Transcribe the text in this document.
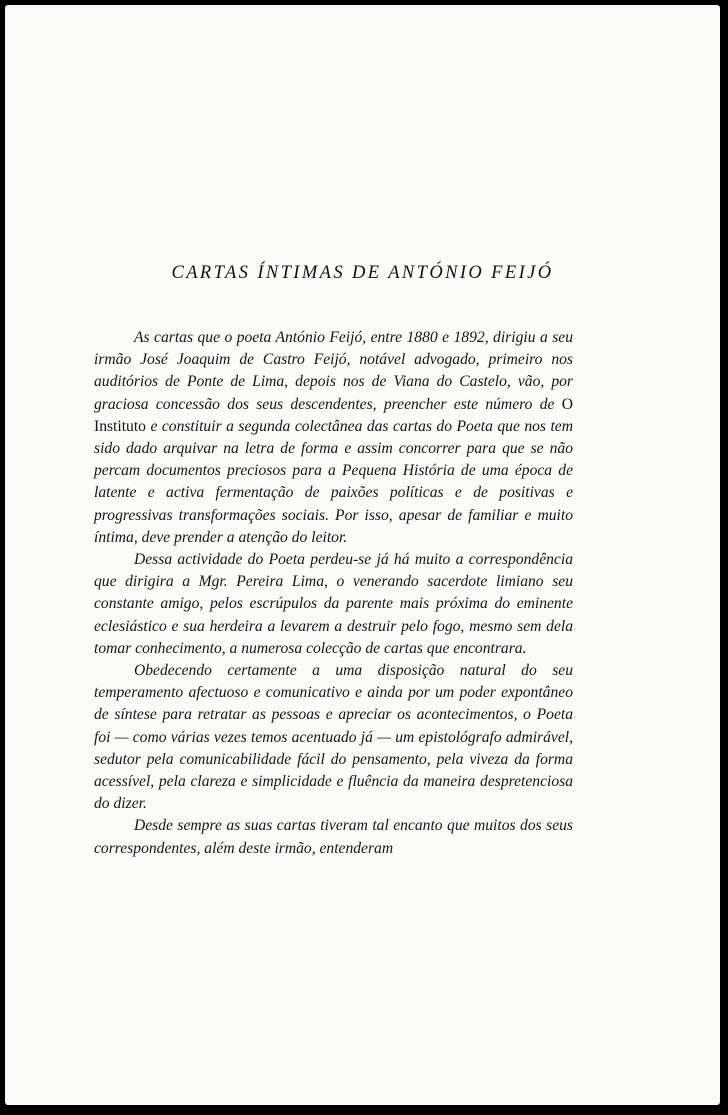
CARTAS ÍNTIMAS DE ANTÓNIO FEIJÓ

As cartas que o poeta António Feijó, entre 1880 e 1892, dirigiu a seu irmão José Joaquim de Castro Feijó, notável advogado, primeiro nos auditórios de Ponte de Lima, depois nos de Viana do Castelo, vão, por graciosa concessão dos seus descendentes, preencher este número de O Instituto e constituir a segunda colectânea das cartas do Poeta que nos tem sido dado arquivar na letra de forma e assim concorrer para que se não percam documentos preciosos para a Pequena História de uma época de latente e activa fermentação de paixões políticas e de positivas e progressivas transformações sociais. Por isso, apesar de familiar e muito íntima, deve prender a atenção do leitor.

Dessa actividade do Poeta perdeu-se já há muito a correspondência que dirigira a Mgr. Pereira Lima, o venerando sacerdote limiano seu constante amigo, pelos escrúpulos da parente mais próxima do eminente eclesiástico e sua herdeira a levarem a destruir pelo fogo, mesmo sem dela tomar conhecimento, a numerosa colecção de cartas que encontrara.

Obedecendo certamente a uma disposição natural do seu temperamento afectuoso e comunicativo e ainda por um poder expontâneo de síntese para retratar as pessoas e apreciar os acontecimentos, o Poeta foi — como várias vezes temos acentuado já — um epistológrafo admirável, sedutor pela comunicabilidade fácil do pensamento, pela viveza da forma acessível, pela clareza e simplicidade e fluência da maneira despretenciosa do dizer.

Desde sempre as suas cartas tiveram tal encanto que muitos dos seus correspondentes, além deste irmão, entenderam
